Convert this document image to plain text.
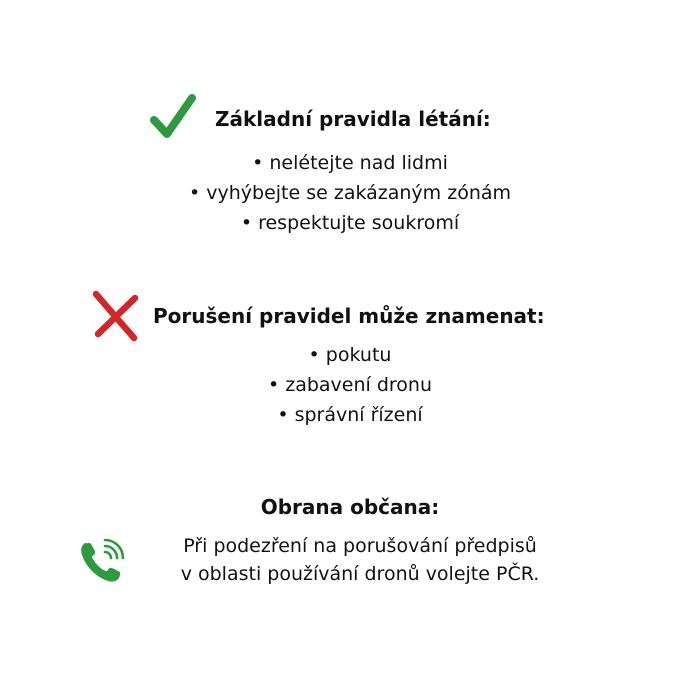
Základní pravidla létání:
• nelétejte nad lidmi
• vyhýbejte se zakázaným zónám
• respektujte soukromí
Porušení pravidel může znamenat:
• pokutu
• zabavení dronu
• správní řízení
Obrana občana:
Při podezření na porušování předpisů
v oblasti používání dronů volejte PČR.
